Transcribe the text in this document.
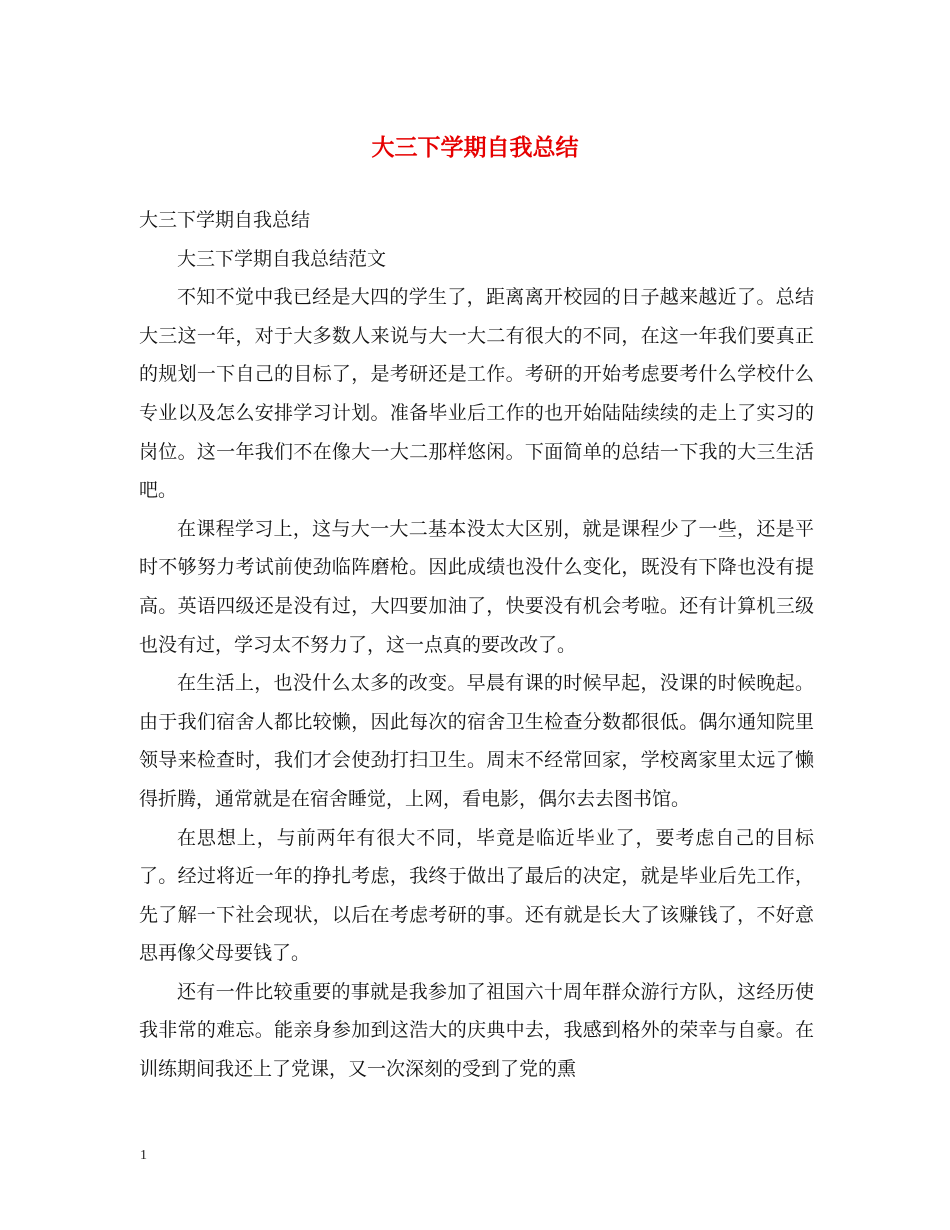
大三下学期自我总结

大三下学期自我总结

大三下学期自我总结范文

不知不觉中我已经是大四的学生了，距离离开校园的日子越来越近了。总结大三这一年，对于大多数人来说与大一大二有很大的不同，在这一年我们要真正的规划一下自己的目标了，是考研还是工作。考研的开始考虑要考什么学校什么专业以及怎么安排学习计划。准备毕业后工作的也开始陆陆续续的走上了实习的岗位。这一年我们不在像大一大二那样悠闲。下面简单的总结一下我的大三生活吧。

在课程学习上，这与大一大二基本没太大区别，就是课程少了一些，还是平时不够努力考试前使劲临阵磨枪。因此成绩也没什么变化，既没有下降也没有提高。英语四级还是没有过，大四要加油了，快要没有机会考啦。还有计算机三级也没有过，学习太不努力了，这一点真的要改改了。

在生活上，也没什么太多的改变。早晨有课的时候早起，没课的时候晚起。由于我们宿舍人都比较懒，因此每次的宿舍卫生检查分数都很低。偶尔通知院里领导来检查时，我们才会使劲打扫卫生。周末不经常回家，学校离家里太远了懒得折腾，通常就是在宿舍睡觉，上网，看电影，偶尔去去图书馆。

在思想上，与前两年有很大不同，毕竟是临近毕业了，要考虑自己的目标了。经过将近一年的挣扎考虑，我终于做出了最后的决定，就是毕业后先工作，先了解一下社会现状，以后在考虑考研的事。还有就是长大了该赚钱了，不好意思再像父母要钱了。

还有一件比较重要的事就是我参加了祖国六十周年群众游行方队，这经历使我非常的难忘。能亲身参加到这浩大的庆典中去，我感到格外的荣幸与自豪。在训练期间我还上了党课，又一次深刻的受到了党的熏

1
